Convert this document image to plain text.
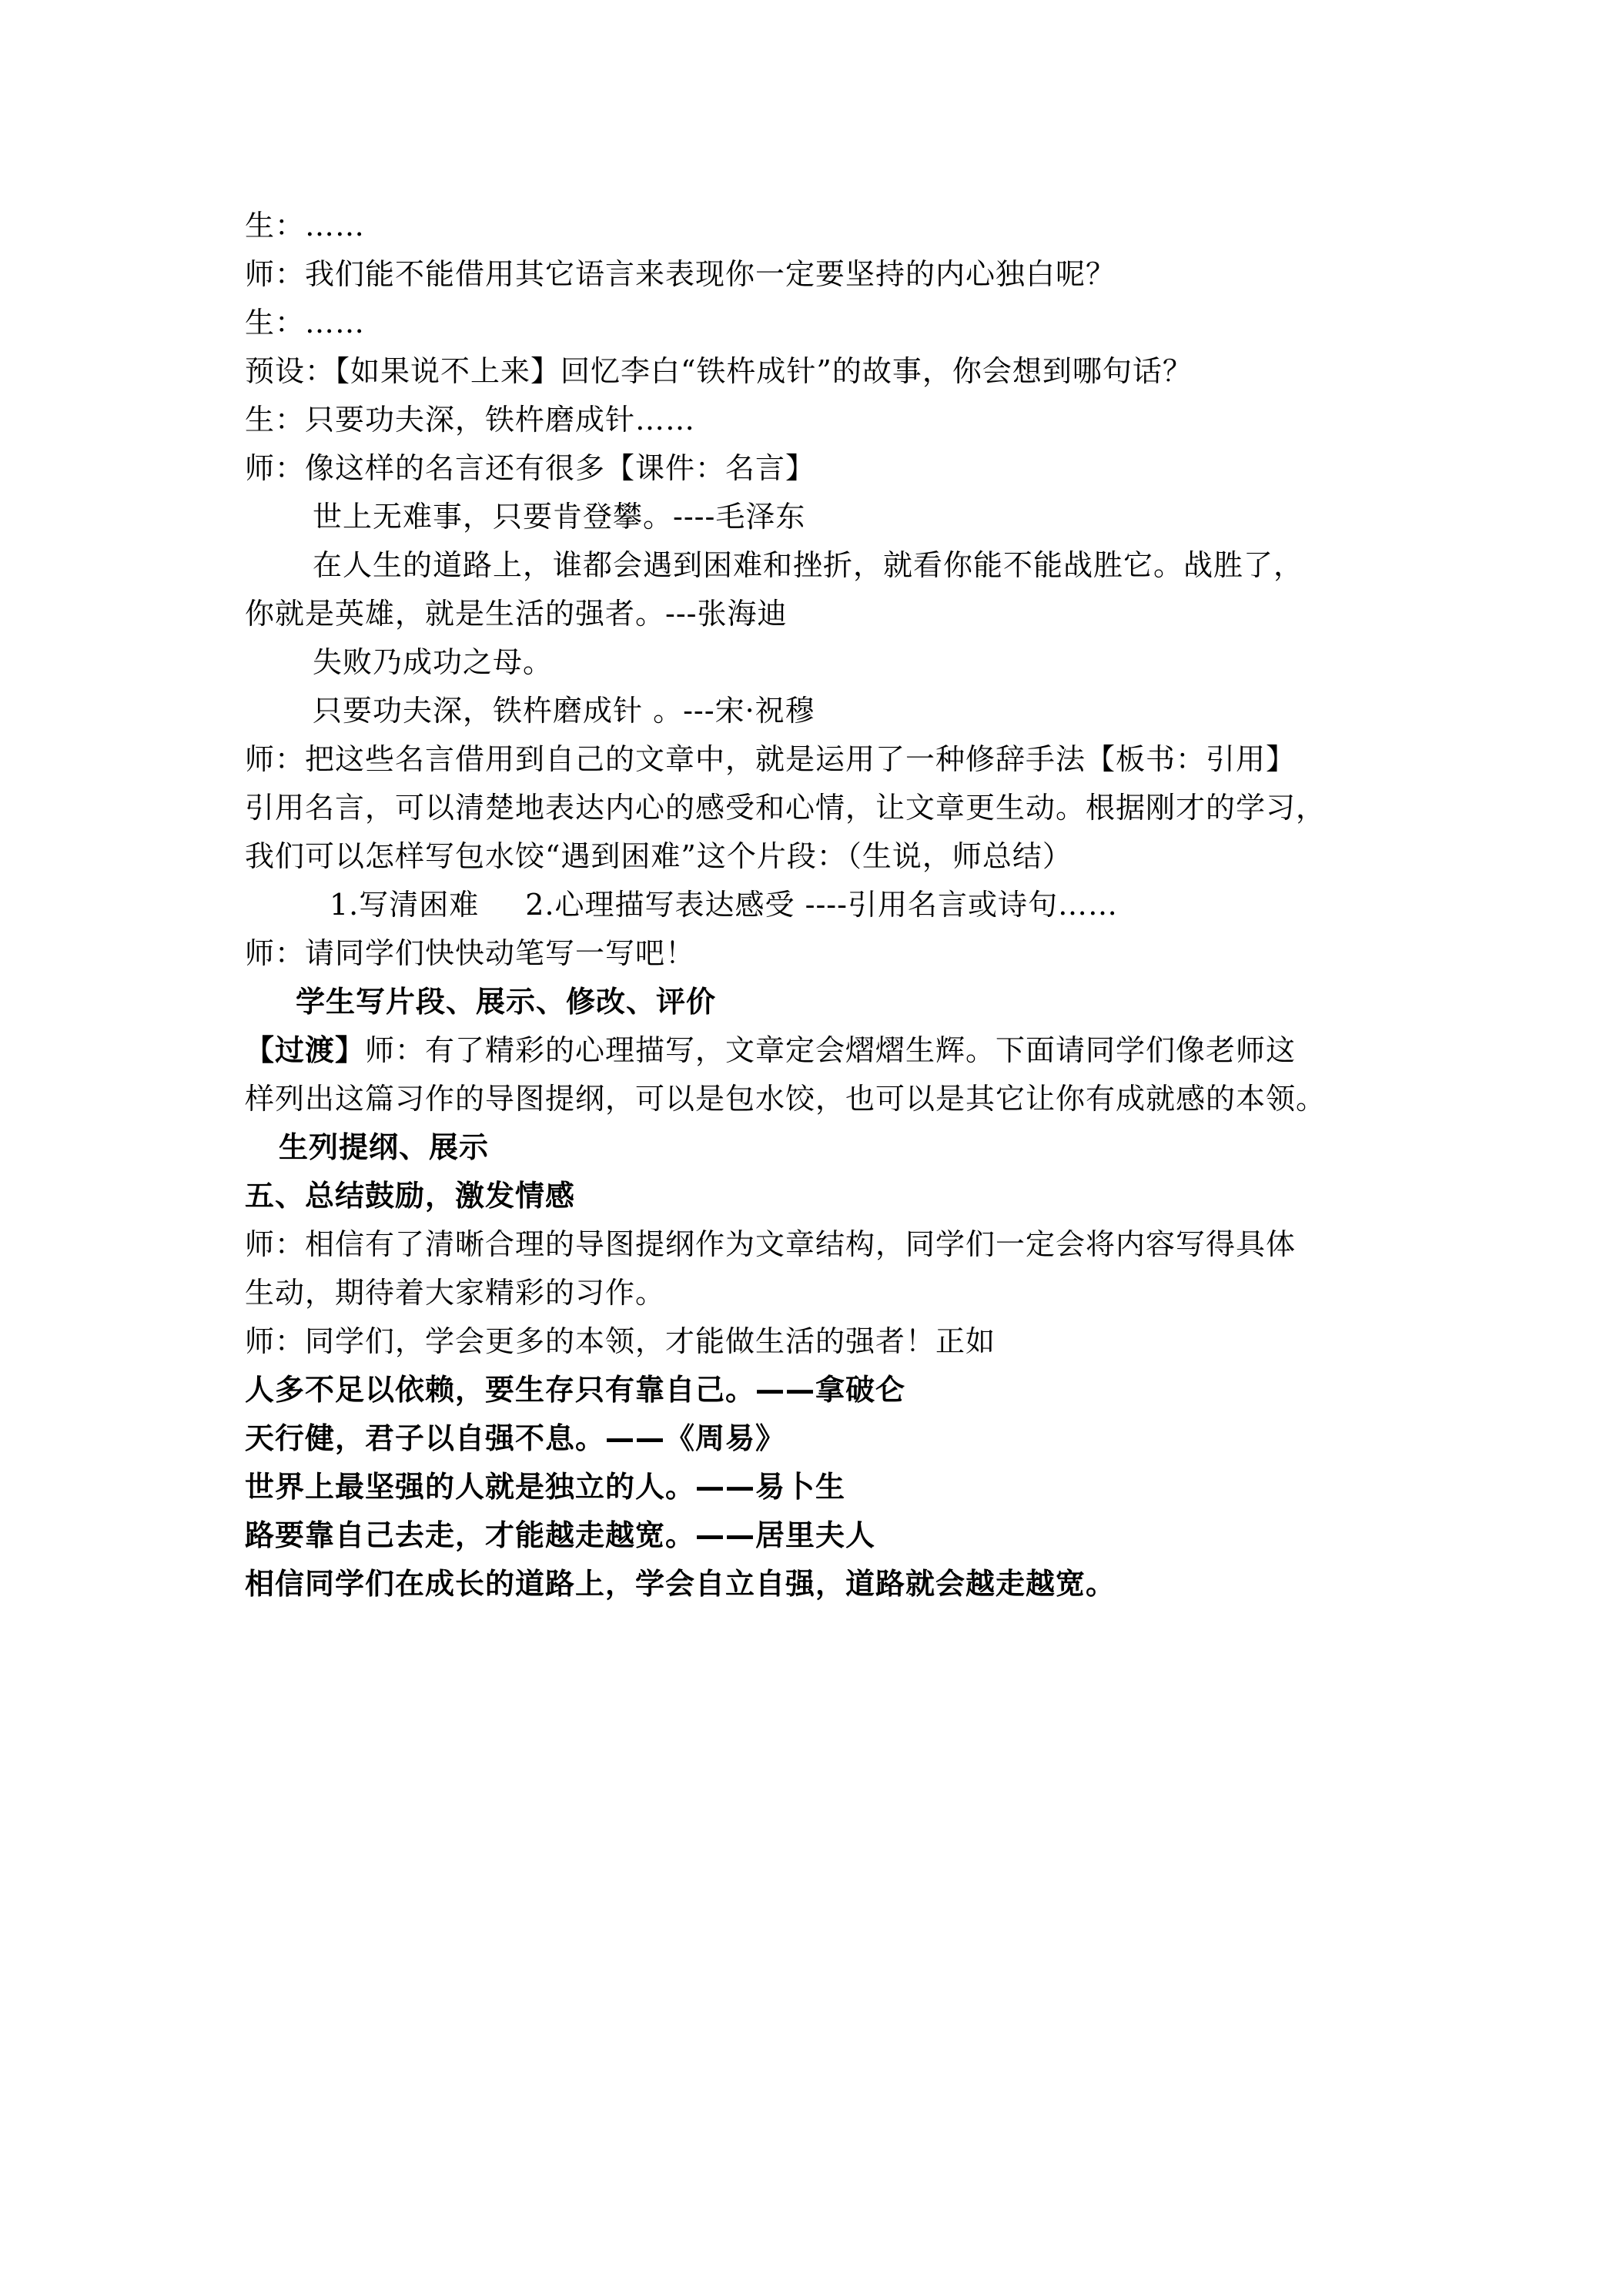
生：……
师：我们能不能借用其它语言来表现你一定要坚持的内心独白呢？
生：……
预设：【如果说不上来】回忆李白“铁杵成针”的故事，你会想到哪句话？
生：只要功夫深，铁杵磨成针……
师：像这样的名言还有很多【课件：名言】
世上无难事，只要肯登攀。----毛泽东
在人生的道路上，谁都会遇到困难和挫折，就看你能不能战胜它。战胜了，
你就是英雄，就是生活的强者。---张海迪
失败乃成功之母。
只要功夫深，铁杵磨成针 。---宋·祝穆
师：把这些名言借用到自己的文章中，就是运用了一种修辞手法【板书：引用】
引用名言，可以清楚地表达内心的感受和心情，让文章更生动。根据刚才的学习，
我们可以怎样写包水饺“遇到困难”这个片段：（生说，师总结）
1.写清困难 2.心理描写表达感受 ----引用名言或诗句……
师：请同学们快快动笔写一写吧！
学生写片段、展示、修改、评价
【过渡】师：有了精彩的心理描写，文章定会熠熠生辉。下面请同学们像老师这
样列出这篇习作的导图提纲，可以是包水饺，也可以是其它让你有成就感的本领。
生列提纲、展示
五、总结鼓励，激发情感
师：相信有了清晰合理的导图提纲作为文章结构，同学们一定会将内容写得具体
生动，期待着大家精彩的习作。
师：同学们，学会更多的本领，才能做生活的强者！正如
人多不足以依赖，要生存只有靠自己。——拿破仑
天行健，君子以自强不息。——《周易》
世界上最坚强的人就是独立的人。——易卜生
路要靠自己去走，才能越走越宽。——居里夫人
相信同学们在成长的道路上，学会自立自强，道路就会越走越宽。
